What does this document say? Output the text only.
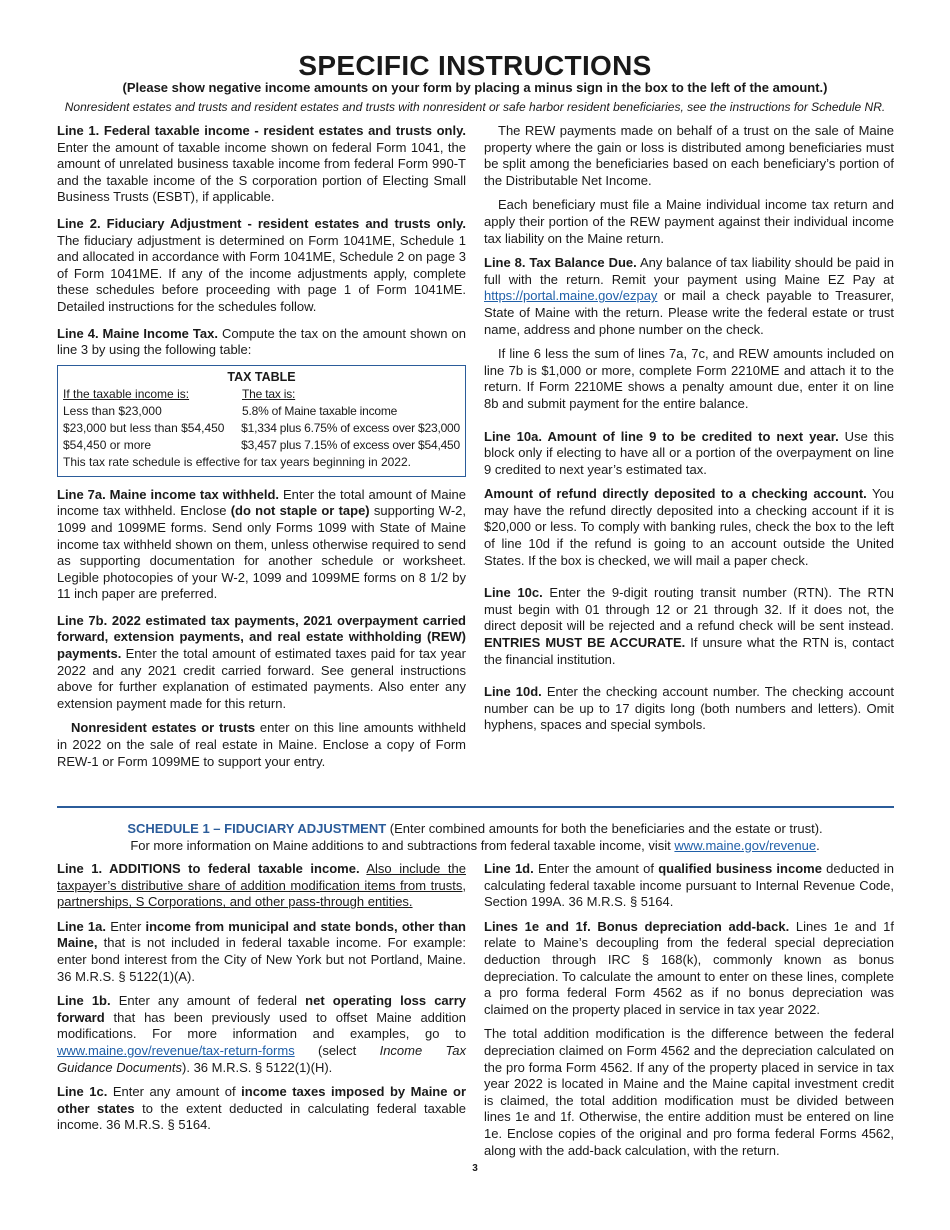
SPECIFIC INSTRUCTIONS
(Please show negative income amounts on your form by placing a minus sign in the box to the left of the amount.)
Nonresident estates and trusts and resident estates and trusts with nonresident or safe harbor resident beneficiaries, see the instructions for Schedule NR.

Line 1. Federal taxable income - resident estates and trusts only. Enter the amount of taxable income shown on federal Form 1041, the amount of unrelated business taxable income from federal Form 990-T and the taxable income of the S corporation portion of Electing Small Business Trusts (ESBT), if applicable.

Line 2. Fiduciary Adjustment - resident estates and trusts only. The fiduciary adjustment is determined on Form 1041ME, Schedule 1 and allocated in accordance with Form 1041ME, Schedule 2 on page 3 of Form 1041ME. If any of the income adjustments apply, complete these schedules before proceeding with page 1 of Form 1041ME. Detailed instructions for the schedules follow.

Line 4. Maine Income Tax. Compute the tax on the amount shown on line 3 by using the following table:

TAX TABLE
If the taxable income is:	The tax is:
Less than $23,000	5.8% of Maine taxable income
$23,000 but less than $54,450	$1,334 plus 6.75% of excess over $23,000
$54,450 or more	$3,457 plus 7.15% of excess over $54,450
This tax rate schedule is effective for tax years beginning in 2022.

Line 7a. Maine income tax withheld. Enter the total amount of Maine income tax withheld. Enclose (do not staple or tape) supporting W-2, 1099 and 1099ME forms. Send only Forms 1099 with State of Maine income tax withheld shown on them, unless otherwise required to send as supporting documentation for another schedule or worksheet. Legible photocopies of your W-2, 1099 and 1099ME forms on 8 1/2 by 11 inch paper are preferred.

Line 7b. 2022 estimated tax payments, 2021 overpayment carried forward, extension payments, and real estate withholding (REW) payments. Enter the total amount of estimated taxes paid for tax year 2022 and any 2021 credit carried forward. See general instructions above for further explanation of estimated payments. Also enter any extension payment made for this return.

Nonresident estates or trusts enter on this line amounts withheld in 2022 on the sale of real estate in Maine. Enclose a copy of Form REW-1 or Form 1099ME to support your entry.

The REW payments made on behalf of a trust on the sale of Maine property where the gain or loss is distributed among beneficiaries must be split among the beneficiaries based on each beneficiary’s portion of the Distributable Net Income.

Each beneficiary must file a Maine individual income tax return and apply their portion of the REW payment against their individual income tax liability on the Maine return.

Line 8. Tax Balance Due. Any balance of tax liability should be paid in full with the return. Remit your payment using Maine EZ Pay at https://portal.maine.gov/ezpay or mail a check payable to Treasurer, State of Maine with the return. Please write the federal estate or trust name, address and phone number on the check.

If line 6 less the sum of lines 7a, 7c, and REW amounts included on line 7b is $1,000 or more, complete Form 2210ME and attach it to the return. If Form 2210ME shows a penalty amount due, enter it on line 8b and submit payment for the entire balance.

Line 10a. Amount of line 9 to be credited to next year. Use this block only if electing to have all or a portion of the overpayment on line 9 credited to next year’s estimated tax.

Amount of refund directly deposited to a checking account. You may have the refund directly deposited into a checking account if it is $20,000 or less. To comply with banking rules, check the box to the left of line 10d if the refund is going to an account outside the United States. If the box is checked, we will mail a paper check.

Line 10c. Enter the 9-digit routing transit number (RTN). The RTN must begin with 01 through 12 or 21 through 32. If it does not, the direct deposit will be rejected and a refund check will be sent instead. ENTRIES MUST BE ACCURATE. If unsure what the RTN is, contact the financial institution.

Line 10d. Enter the checking account number. The checking account number can be up to 17 digits long (both numbers and letters). Omit hyphens, spaces and special symbols.

SCHEDULE 1 – FIDUCIARY ADJUSTMENT (Enter combined amounts for both the beneficiaries and the estate or trust).
For more information on Maine additions to and subtractions from federal taxable income, visit www.maine.gov/revenue.

Line 1. ADDITIONS to federal taxable income. Also include the taxpayer’s distributive share of addition modification items from trusts, partnerships, S Corporations, and other pass-through entities.

Line 1a. Enter income from municipal and state bonds, other than Maine, that is not included in federal taxable income. For example: enter bond interest from the City of New York but not Portland, Maine. 36 M.R.S. § 5122(1)(A).

Line 1b. Enter any amount of federal net operating loss carry forward that has been previously used to offset Maine addition modifications. For more information and examples, go to www.maine.gov/revenue/tax-return-forms (select Income Tax Guidance Documents). 36 M.R.S. § 5122(1)(H).

Line 1c. Enter any amount of income taxes imposed by Maine or other states to the extent deducted in calculating federal taxable income. 36 M.R.S. § 5164.

Line 1d. Enter the amount of qualified business income deducted in calculating federal taxable income pursuant to Internal Revenue Code, Section 199A. 36 M.R.S. § 5164.

Lines 1e and 1f. Bonus depreciation add-back. Lines 1e and 1f relate to Maine’s decoupling from the federal special depreciation deduction through IRC § 168(k), commonly known as bonus depreciation. To calculate the amount to enter on these lines, complete a pro forma federal Form 4562 as if no bonus depreciation was claimed on the property placed in service in tax year 2022.

The total addition modification is the difference between the federal depreciation claimed on Form 4562 and the depreciation calculated on the pro forma Form 4562. If any of the property placed in service in tax year 2022 is located in Maine and the Maine capital investment credit is claimed, the total addition modification must be divided between lines 1e and 1f. Otherwise, the entire addition must be entered on line 1e. Enclose copies of the original and pro forma federal Forms 4562, along with the add-back calculation, with the return.

3
